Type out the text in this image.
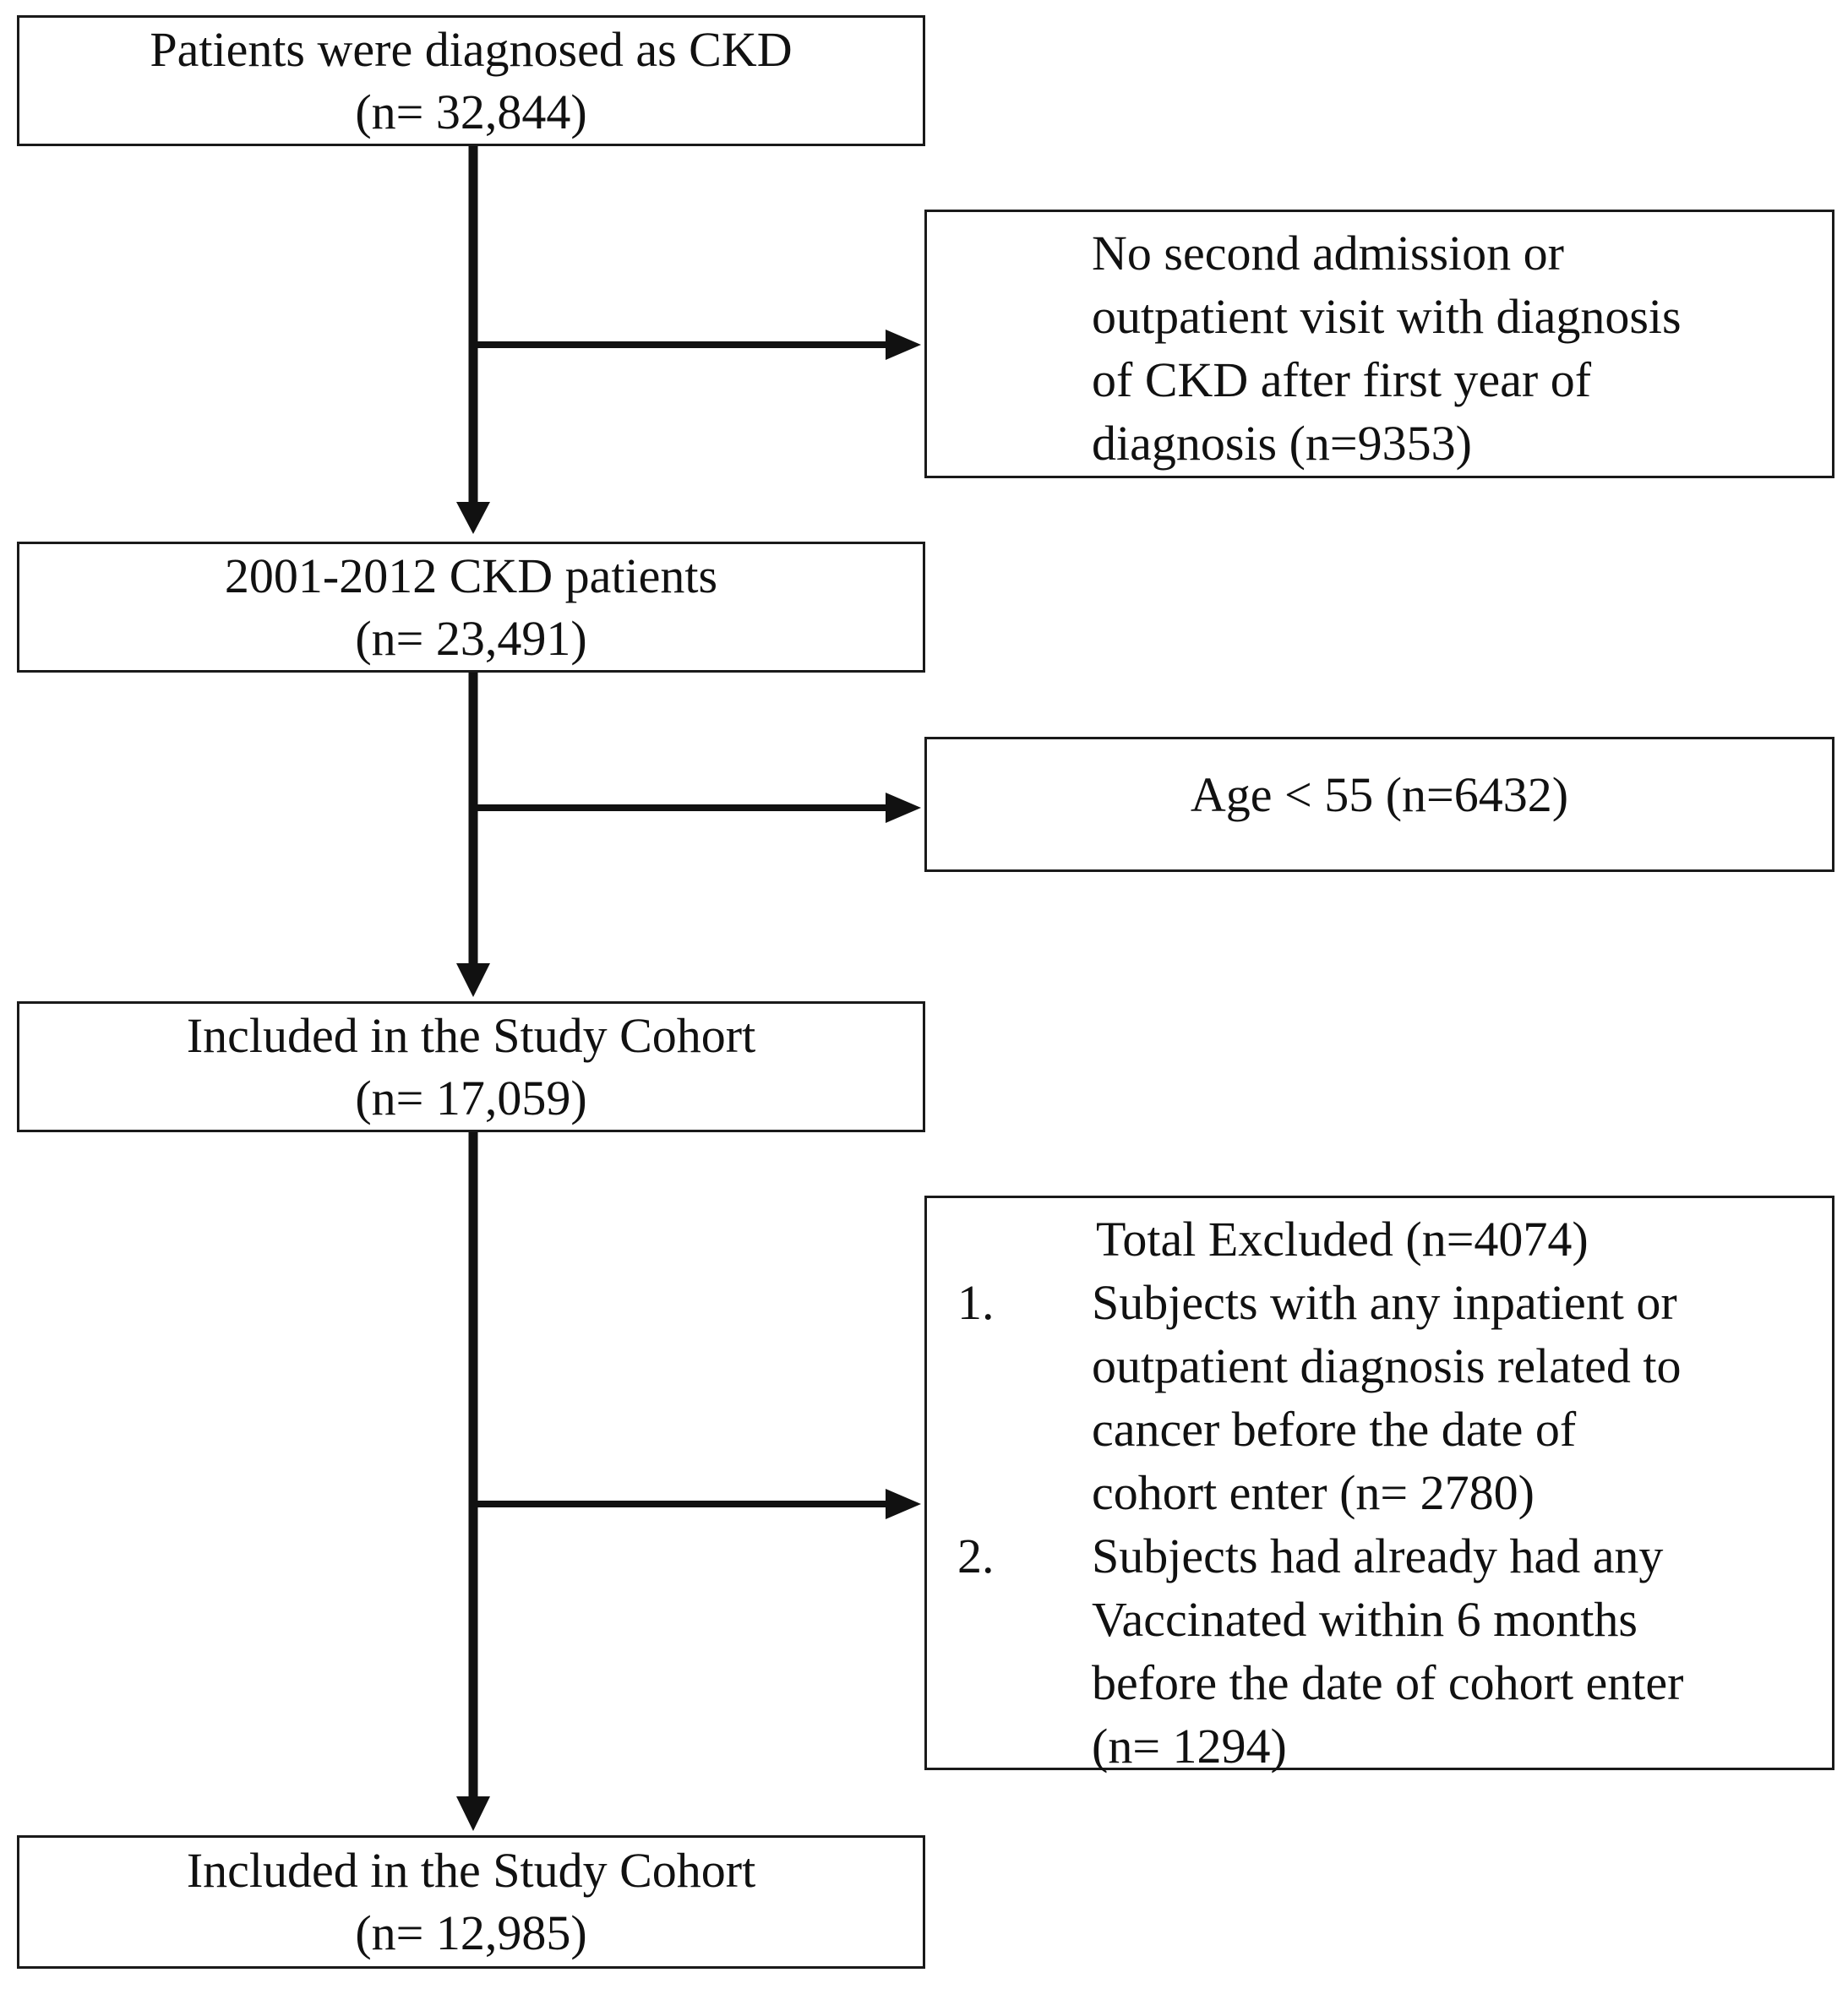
Patients were diagnosed as CKD
(n= 32,844)
2001-2012 CKD patients
(n= 23,491)
Included in the Study Cohort
(n= 17,059)
Included in the Study Cohort
(n= 12,985)
No second admission or
outpatient visit with diagnosis
of CKD after first year of
diagnosis (n=9353)
Age < 55 (n=6432)
Total Excluded (n=4074)
1. Subjects with any inpatient or
outpatient diagnosis related to
cancer before the date of
cohort enter (n= 2780)
2. Subjects had already had any
Vaccinated within 6 months
before the date of cohort enter
(n= 1294)
